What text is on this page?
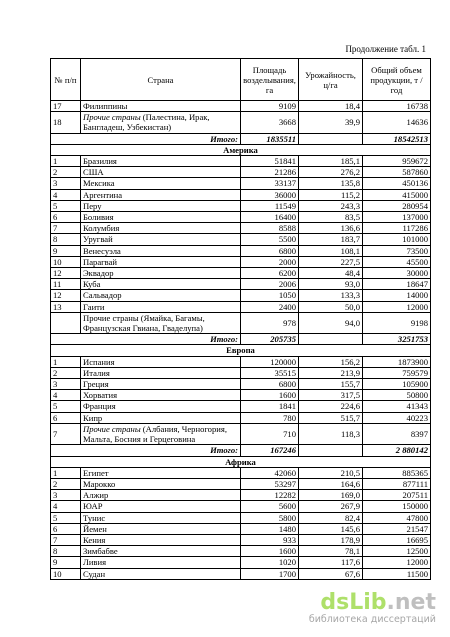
Продолжение табл. 1
№ п/п	Страна	Площадь возделывания, га	Урожайность, ц/га	Общий объем продукции, т / год
17	Филиппины	9109	18,4	16738
18	Прочие страны (Палестина, Ирак, Бангладеш, Узбекистан)	3668	39,9	14636
Итого:		1835511		18542513
Америка				
1	Бразилия	51841	185,1	959672
2	США	21286	276,2	587860
3	Мексика	33137	135,8	450136
4	Аргентина	36000	115,2	415000
5	Перу	11549	243,3	280954
6	Боливия	16400	83,5	137000
7	Колумбия	8588	136,6	117286
8	Уругвай	5500	183,7	101000
9	Венесуэла	6800	108,1	73500
10	Парагвай	2000	227,5	45500
12	Эквадор	6200	48,4	30000
11	Куба	2006	93,0	18647
12	Сальвадор	1050	133,3	14000
13	Гаити	2400	50,0	12000
	Прочие страны (Ямайка, Багамы, Французская Гвиана, Гваделупа)	978	94,0	9198
Итого:		205735		3251753
Европа				
1	Испания	120000	156,2	1873900
2	Италия	35515	213,9	759579
3	Греция	6800	155,7	105900
4	Хорватия	1600	317,5	50800
5	Франция	1841	224,6	41343
6	Кипр	780	515,7	40223
7	Прочие страны (Албания, Черногория, Мальта, Босния и Герцеговина	710	118,3	8397
Итого:		167246		2 880142
Африка				
1	Египет	42060	210,5	885365
2	Марокко	53297	164,6	877111
3	Алжир	12282	169,0	207511
4	ЮАР	5600	267,9	150000
5	Тунис	5800	82,4	47800
6	Йемен	1480	145,6	21547
7	Кения	933	178,9	16695
8	Зимбабве	1600	78,1	12500
9	Ливия	1020	117,6	12000
10	Судан	1700	67,6	11500
dsLib.net
библиотека диссертаций
